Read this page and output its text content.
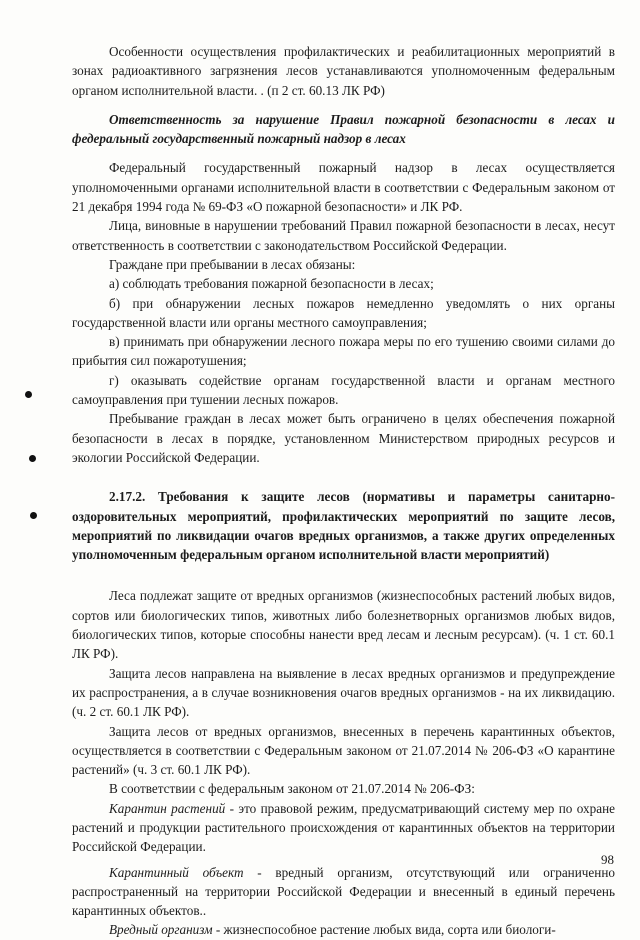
Особенности осуществления профилактических и реабилитационных мероприятий в зонах радиоактивного загрязнения лесов устанавливаются уполномоченным федеральным органом исполнительной власти. . (п 2 ст. 60.13 ЛК РФ)

Ответственность за нарушение Правил пожарной безопасности в лесах и федеральный государственный пожарный надзор в лесах

Федеральный государственный пожарный надзор в лесах осуществляется уполномоченными органами исполнительной власти в соответствии с Федеральным законом от 21 декабря 1994 года № 69-ФЗ «О пожарной безопасности» и ЛК РФ.

Лица, виновные в нарушении требований Правил пожарной безопасности в лесах, несут ответственность в соответствии с законодательством Российской Федерации.

Граждане при пребывании в лесах обязаны:

а) соблюдать требования пожарной безопасности в лесах;

б) при обнаружении лесных пожаров немедленно уведомлять о них органы государственной власти или органы местного самоуправления;

в) принимать при обнаружении лесного пожара меры по его тушению своими силами до прибытия сил пожаротушения;

г) оказывать содействие органам государственной власти и органам местного самоуправления при тушении лесных пожаров.

Пребывание граждан в лесах может быть ограничено в целях обеспечения пожарной безопасности в лесах в порядке, установленном Министерством природных ресурсов и экологии Российской Федерации.

2.17.2. Требования к защите лесов (нормативы и параметры санитарно-оздоровительных мероприятий, профилактических мероприятий по защите лесов, мероприятий по ликвидации очагов вредных организмов, а также других определенных уполномоченным федеральным органом исполнительной власти мероприятий)

Леса подлежат защите от вредных организмов (жизнеспособных растений любых видов, сортов или биологических типов, животных либо болезнетворных организмов любых видов, биологических типов, которые способны нанести вред лесам и лесным ресурсам). (ч. 1 ст. 60.1 ЛК РФ).

Защита лесов направлена на выявление в лесах вредных организмов и предупреждение их распространения, а в случае возникновения очагов вредных организмов - на их ликвидацию. (ч. 2 ст. 60.1 ЛК РФ).

Защита лесов от вредных организмов, внесенных в перечень карантинных объектов, осуществляется в соответствии с Федеральным законом от 21.07.2014 № 206-ФЗ «О карантине растений» (ч. 3 ст. 60.1 ЛК РФ).

В соответствии с федеральным законом от 21.07.2014 № 206-ФЗ:

Карантин растений - это правовой режим, предусматривающий систему мер по охране растений и продукции растительного происхождения от карантинных объектов на территории Российской Федерации.

Карантинный объект - вредный организм, отсутствующий или ограниченно распространенный на территории Российской Федерации и внесенный в единый перечень карантинных объектов..

Вредный организм - жизнеспособное растение любых вида, сорта или биологи-

98
